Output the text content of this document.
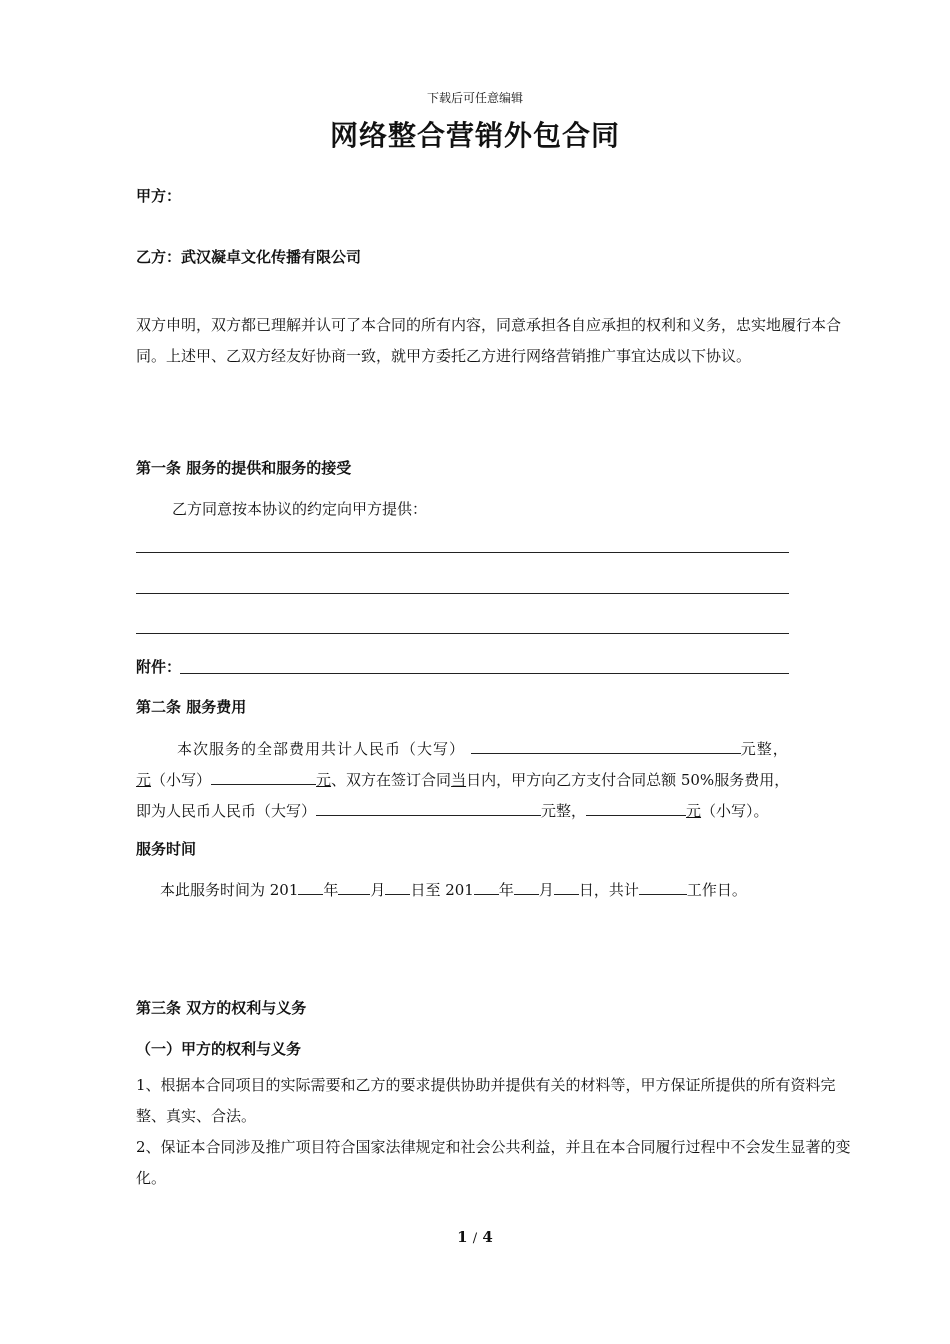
下载后可任意编辑
网络整合营销外包合同
甲方：
乙方：武汉凝卓文化传播有限公司
双方申明，双方都已理解并认可了本合同的所有内容，同意承担各自应承担的权利和义务，忠实地履行本合同。上述甲、乙双方经友好协商一致，就甲方委托乙方进行网络营销推广事宜达成以下协议。
第一条 服务的提供和服务的接受
乙方同意按本协议的约定向甲方提供：
附件：
第二条 服务费用
本次服务的全部费用共计人民币（大写）	元整，
元（小写）	元、双方在签订合同当日内，甲方向乙方支付合同总额 50%服务费用，
即为人民币人民币（大写）	元整，	元（小写）。
服务时间
本此服务时间为 201 年 月 日至 201 年 月 日，共计	工作日。
第三条 双方的权利与义务
（一）甲方的权利与义务
1、根据本合同项目的实际需要和乙方的要求提供协助并提供有关的材料等，甲方保证所提供的所有资料完整、真实、合法。
2、保证本合同涉及推广项目符合国家法律规定和社会公共利益，并且在本合同履行过程中不会发生显著的变化。
1 / 4
